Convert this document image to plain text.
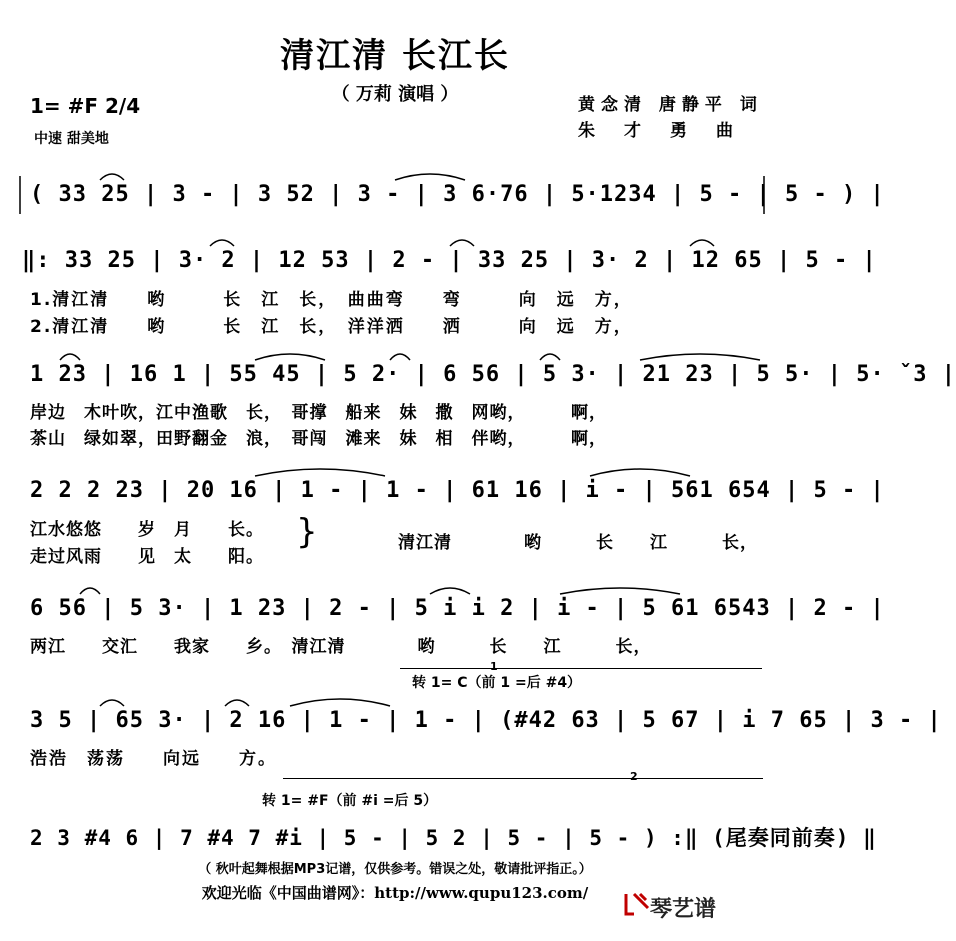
清江清 长江长
（ 万莉 演唱 ）	黄念清 唐静平 词
朱　才　勇　曲
1= #F 2/4
中速 甜美地
( 33 25 | 3 - | 3 52 | 3 - | 3 6·76 | 5·1234 | 5 - | 5 - ) |
‖: 33 25 | 3· 2 | 12 53 | 2 - | 33 25 | 3· 2 | 12 65 | 5 - |
1.清江清　　哟　　　长　江　长，　曲曲弯　　弯　　　向　远　方，
2.清江清　　哟　　　长　江　长，　洋洋洒　　洒　　　向　远　方，
1 23 | 16 1 | 55 45 | 5 2· | 6 56 | 5 3· | 21 23 | 5 5· | 5· ˇ3 |
岸边　木叶吹，江中渔歌　长，　哥撑　船来　妹　撒　网哟，　　　啊，
茶山　绿如翠，田野翻金　浪，　哥闯　滩来　妹　相　伴哟，　　　啊，
2 2 2 23 | 20 16 | 1 - | 1 - | 61 16 | i - | 561 654 | 5 - |
江水悠悠　　岁　月　　长。
走过风雨　　见　太　　阳。
}	清江清　　　　哟　　　长　　江　　　长，
6 56 | 5 3· | 1 23 | 2 - | 5 i i 2 | i - | 5 61 6543 | 2 - |
两江　　交汇　　我家　　乡。　清江清　　　　哟　　　长　　江　　　长，
1
转 1= C（前 1 =后 #4）
3 5 | 65 3· | 2 16 | 1 - | 1 - | (#42 63 | 5 67 | i 7 65 | 3 - |
浩浩　荡荡　　向远　　方。
2
转 1= #F（前 #i =后 5）
2 3 #4 6 | 7 #4 7 #i | 5 - | 5 2 | 5 - | 5 - ) :‖ (尾奏同前奏) ‖
（ 秋叶起舞根据MP3记谱，仅供参考。错误之处，敬请批评指正。）
欢迎光临《中国曲谱网》：http://www.qupu123.com/
琴艺谱
